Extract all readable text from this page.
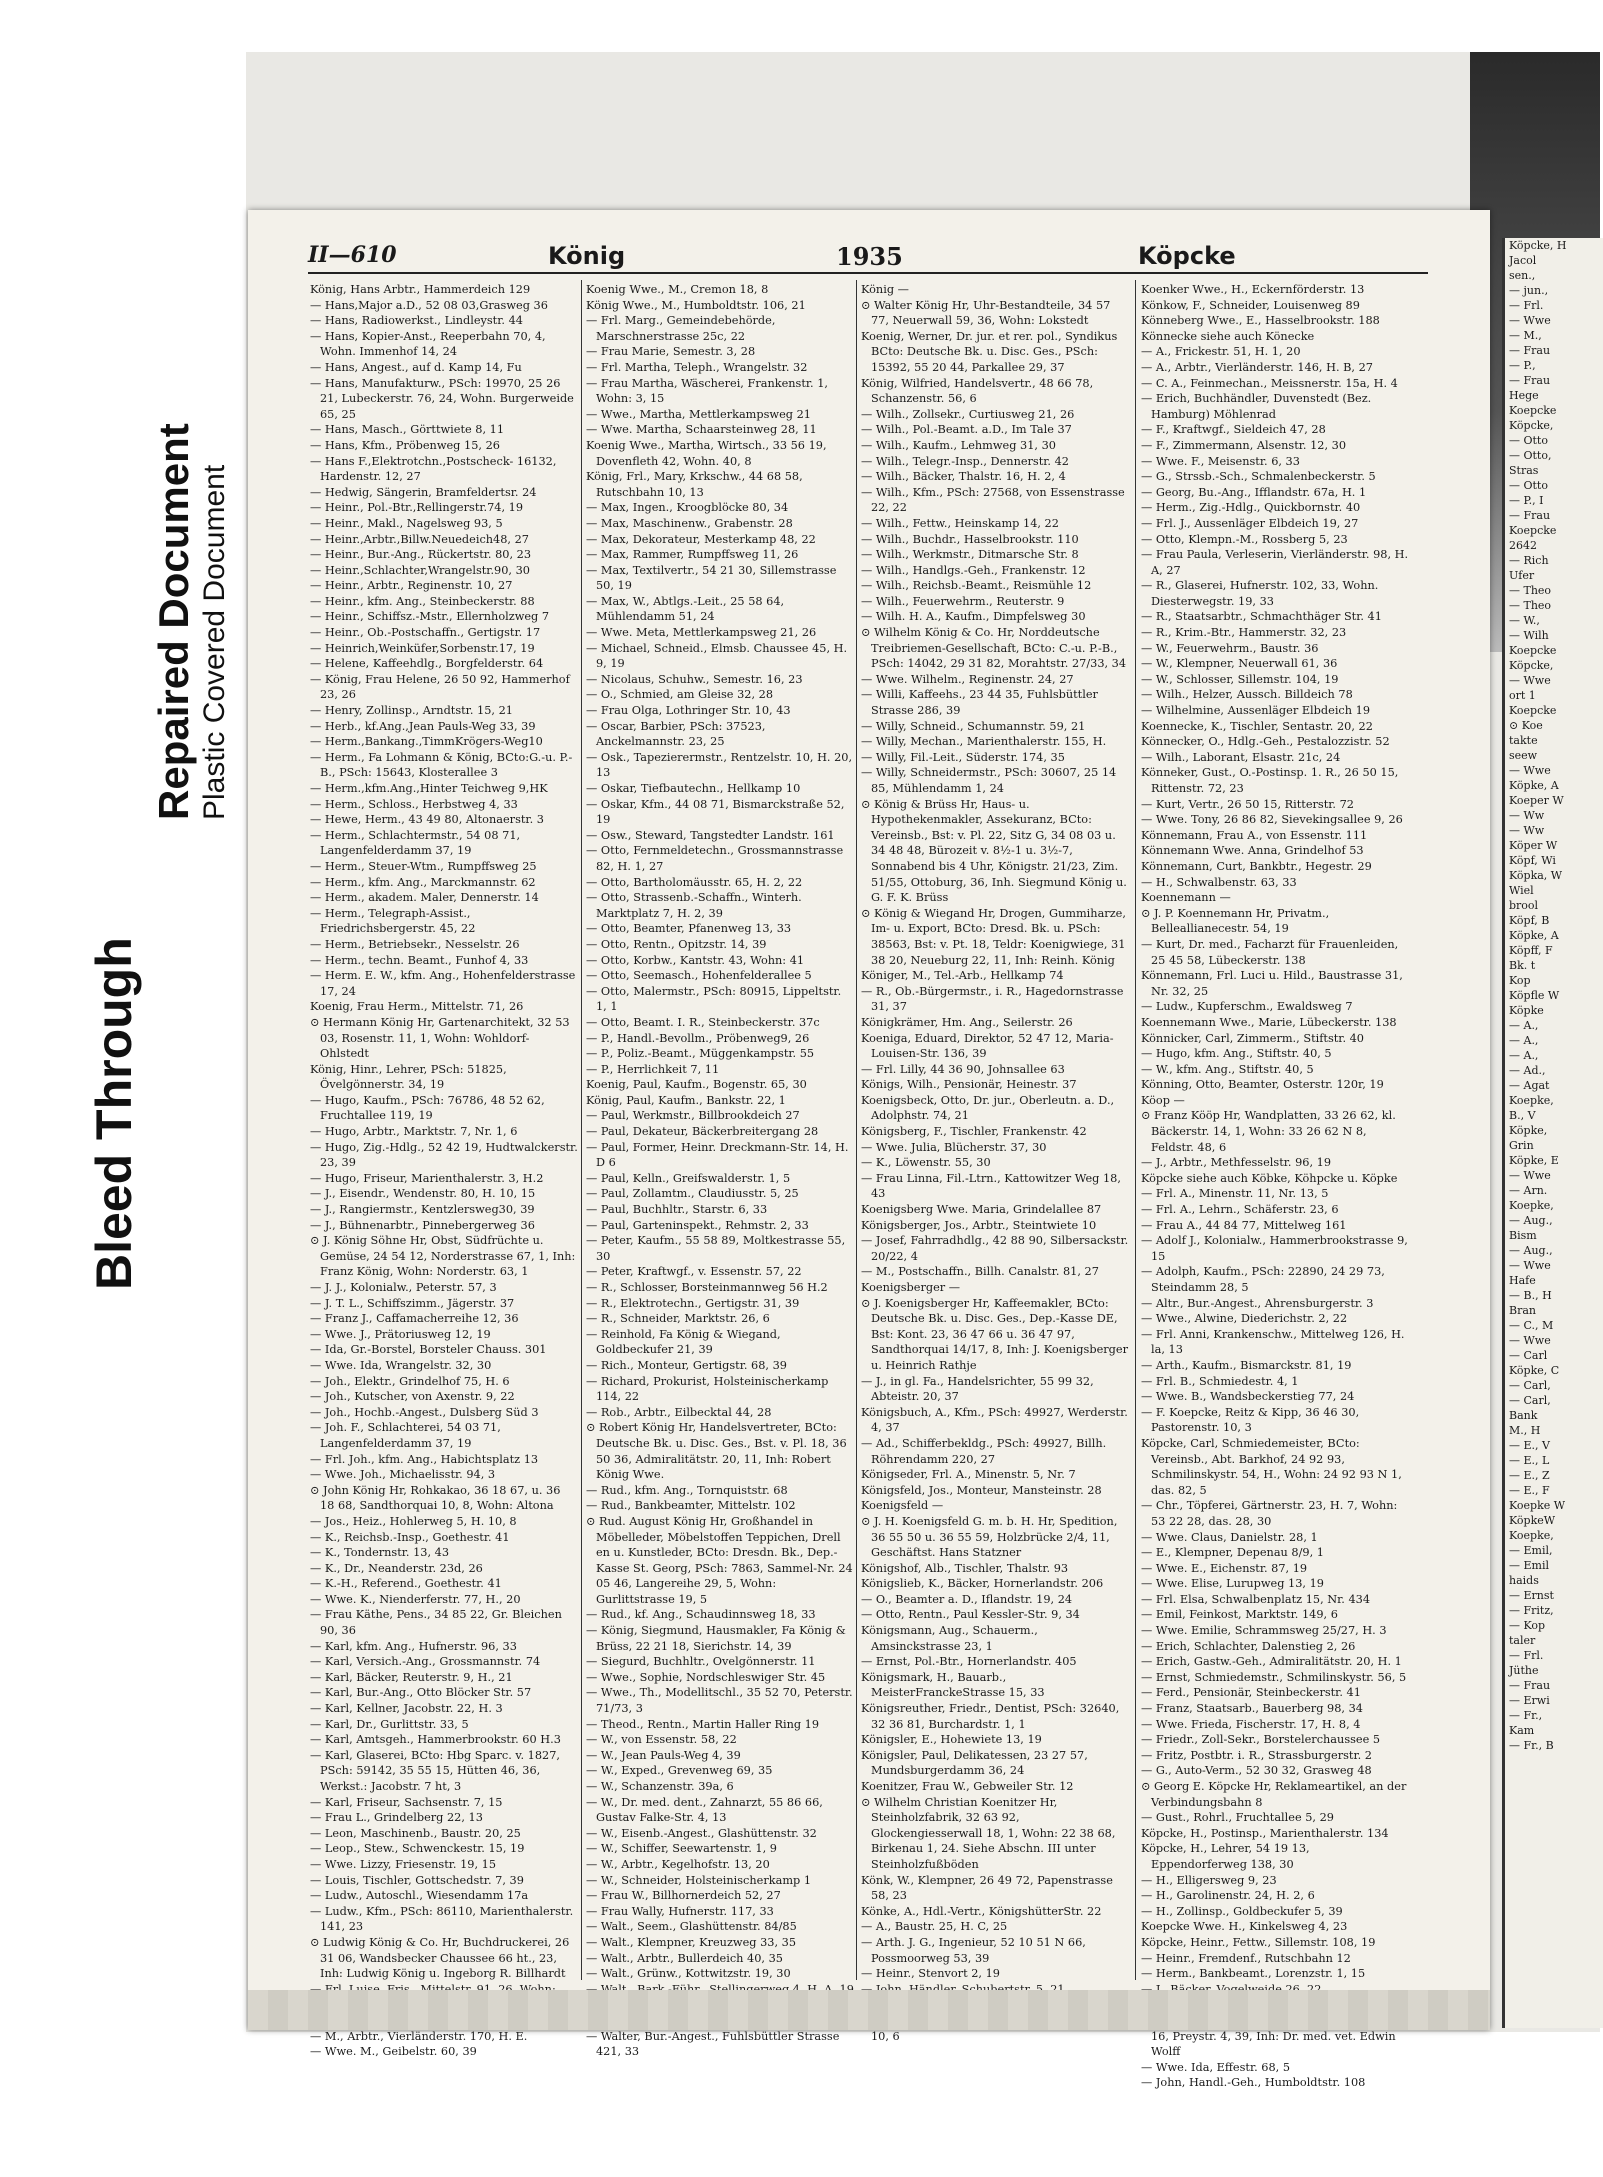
Bleed Through
Repaired Document Plastic Covered Document
II—610	König	1935	Köpcke

König, Hans Arbtr., Hammerdeich 129

— Hans,Major a.D., 52 08 03,Grasweg 36

— Hans, Radiowerkst., Lindleystr. 44

— Hans, Kopier-Anst., Reeperbahn 70, 4, Wohn. Immenhof 14, 24

— Hans, Angest., auf d. Kamp 14, Fu

— Hans, Manufakturw., PSch: 19970, 25 26 21, Lubeckerstr. 76, 24, Wohn. Burgerweide 65, 25

— Hans, Masch., Görttwiete 8, 11

— Hans, Kfm., Pröbenweg 15, 26

— Hans F.,Elektrotchn.,Postscheck- 16132, Hardenstr. 12, 27

— Hedwig, Sängerin, Bramfeldertsr. 24

— Heinr., Pol.-Btr.,Rellingerstr.74, 19

— Heinr., Makl., Nagelsweg 93, 5

— Heinr.,Arbtr.,Billw.Neuedeich48, 27

— Heinr., Bur.-Ang., Rückertstr. 80, 23

— Heinr.,Schlachter,Wrangelstr.90, 30

— Heinr., Arbtr., Reginenstr. 10, 27

— Heinr., kfm. Ang., Steinbeckerstr. 88

— Heinr., Schiffsz.-Mstr., Ellernholzweg 7

— Heinr., Ob.-Postschaffn., Gertigstr. 17

— Heinrich,Weinküfer,Sorbenstr.17, 19

— Helene, Kaffeehdlg., Borgfelderstr. 64

— König, Frau Helene, 26 50 92, Hammerhof 23, 26

— Henry, Zollinsp., Arndtstr. 15, 21

— Herb., kf.Ang.,Jean Pauls-Weg 33, 39

— Herm.,Bankang.,TimmKrögers-Weg10

— Herm., Fa Lohmann & König, BCto:G.-u. P.-B., PSch: 15643, Klosterallee 3

— Herm.,kfm.Ang.,Hinter Teichweg 9,HK

— Herm., Schloss., Herbstweg 4, 33

— Hewe, Herm., 43 49 80, Altonaerstr. 3

— Herm., Schlachtermstr., 54 08 71, Langenfelderdamm 37, 19

— Herm., Steuer-Wtm., Rumpffsweg 25

— Herm., kfm. Ang., Marckmannstr. 62

— Herm., akadem. Maler, Dennerstr. 14

— Herm., Telegraph-Assist., Friedrichsbergerstr. 45, 22

— Herm., Betriebsekr., Nesselstr. 26

— Herm., techn. Beamt., Funhof 4, 33

— Herm. E. W., kfm. Ang., Hohenfelderstrasse 17, 24

Koenig, Frau Herm., Mittelstr. 71, 26

⊙ Hermann König Hr, Gartenarchitekt, 32 53 03, Rosenstr. 11, 1, Wohn: Wohldorf-Ohlstedt

König, Hinr., Lehrer, PSch: 51825, Övelgönnerstr. 34, 19

— Hugo, Kaufm., PSch: 76786, 48 52 62, Fruchtallee 119, 19

— Hugo, Arbtr., Marktstr. 7, Nr. 1, 6

— Hugo, Zig.-Hdlg., 52 42 19, Hudtwalckerstr. 23, 39

— Hugo, Friseur, Marienthalerstr. 3, H.2

— J., Eisendr., Wendenstr. 80, H. 10, 15

— J., Rangiermstr., Kentzlersweg30, 39

— J., Bühnenarbtr., Pinnebergerweg 36

⊙ J. König Söhne Hr, Obst, Südfrüchte u. Gemüse, 24 54 12, Norderstrasse 67, 1, Inh: Franz König, Wohn: Norderstr. 63, 1

— J. J., Kolonialw., Peterstr. 57, 3

— J. T. L., Schiffszimm., Jägerstr. 37

— Franz J., Caffamacherreihe 12, 36

— Wwe. J., Prätoriusweg 12, 19

— Ida, Gr.-Borstel, Borsteler Chauss. 301

— Wwe. Ida, Wrangelstr. 32, 30

— Joh., Elektr., Grindelhof 75, H. 6

— Joh., Kutscher, von Axenstr. 9, 22

— Joh., Hochb.-Angest., Dulsberg Süd 3

— Joh. F., Schlachterei, 54 03 71, Langenfelderdamm 37, 19

— Frl. Joh., kfm. Ang., Habichtsplatz 13

— Wwe. Joh., Michaelisstr. 94, 3

⊙ John König Hr, Rohkakao, 36 18 67, u. 36 18 68, Sandthorquai 10, 8, Wohn: Altona

— Jos., Heiz., Hohlerweg 5, H. 10, 8

— K., Reichsb.-Insp., Goethestr. 41

— K., Tondernstr. 13, 43

— K., Dr., Neanderstr. 23d, 26

— K.-H., Referend., Goethestr. 41

— Wwe. K., Nienderferstr. 77, H., 20

— Frau Käthe, Pens., 34 85 22, Gr. Bleichen 90, 36

— Karl, kfm. Ang., Hufnerstr. 96, 33

— Karl, Versich.-Ang., Grossmannstr. 74

— Karl, Bäcker, Reuterstr. 9, H., 21

— Karl, Bur.-Ang., Otto Blöcker Str. 57

— Karl, Kellner, Jacobstr. 22, H. 3

— Karl, Dr., Gurlittstr. 33, 5

— Karl, Amtsgeh., Hammerbrookstr. 60 H.3

— Karl, Glaserei, BCto: Hbg Sparc. v. 1827, PSch: 59142, 35 55 15, Hütten 46, 36, Werkst.: Jacobstr. 7 ht, 3

— Karl, Friseur, Sachsenstr. 7, 15

— Frau L., Grindelberg 22, 13

— Leon, Maschinenb., Baustr. 20, 25

— Leop., Stew., Schwenckestr. 15, 19

— Wwe. Lizzy, Friesenstr. 19, 15

— Louis, Tischler, Gottschedstr. 7, 39

— Ludw., Autoschl., Wiesendamm 17a

— Ludw., Kfm., PSch: 86110, Marienthalerstr. 141, 23

⊙ Ludwig König & Co. Hr, Buchdruckerei, 26 31 06, Wandsbecker Chaussee 66 ht., 23, Inh: Ludwig König u. Ingeborg R. Billhardt

— M., Arbtr., Vierländerstr. 170, H. E.

— Wwe. M., Geibelstr. 60, 39

Koenig Wwe., M., Cremon 18, 8

König Wwe., M., Humboldtstr. 106, 21

— Frl. Marg., Gemeindebehörde, Marschnerstrasse 25c, 22

— Frau Marie, Semestr. 3, 28

— Frl. Martha, Teleph., Wrangelstr. 32

— Frau Martha, Wäscherei, Frankenstr. 1, Wohn: 3, 15

— Wwe., Martha, Mettlerkampsweg 21

— Wwe. Martha, Schaarsteinweg 28, 11

Koenig Wwe., Martha, Wirtsch., 33 56 19, Dovenfleth 42, Wohn. 40, 8

König, Frl., Mary, Krkschw., 44 68 58, Rutschbahn 10, 13

— Max, Ingen., Kroogblöcke 80, 34

— Max, Maschinenw., Grabenstr. 28

— Max, Dekorateur, Mesterkamp 48, 22

— Max, Rammer, Rumpffsweg 11, 26

— Max, Textilvertr., 54 21 30, Sillemstrasse 50, 19

— Max, W., Abtlgs.-Leit., 25 58 64, Mühlendamm 51, 24

— Wwe. Meta, Mettlerkampsweg 21, 26

— Michael, Schneid., Elmsb. Chaussee 45, H. 9, 19

— Nicolaus, Schuhw., Semestr. 16, 23

— O., Schmied, am Gleise 32, 28

— Frau Olga, Lothringer Str. 10, 43

— Oscar, Barbier, PSch: 37523, Anckelmannstr. 23, 25

— Osk., Tapezierermstr., Rentzelstr. 10, H. 20, 13

— Oskar, Tiefbautechn., Hellkamp 10

— Oskar, Kfm., 44 08 71, Bismarckstraße 52, 19

— Osw., Steward, Tangstedter Landstr. 161

— Otto, Fernmeldetechn., Grossmannstrasse 82, H. 1, 27

— Otto, Bartholomäusstr. 65, H. 2, 22

— Otto, Strassenb.-Schaffn., Winterh. Marktplatz 7, H. 2, 39

— Otto, Beamter, Pfanenweg 13, 33

— Otto, Rentn., Opitzstr. 14, 39

— Otto, Korbw., Kantstr. 43, Wohn: 41

— Otto, Seemasch., Hohenfelderallee 5

— Otto, Malermstr., PSch: 80915, Lippeltstr. 1, 1

— Otto, Beamt. I. R., Steinbeckerstr. 37c

— P., Handl.-Bevollm., Pröbenweg9, 26

— P., Poliz.-Beamt., Müggenkampstr. 55

— P., Herrlichkeit 7, 11

Koenig, Paul, Kaufm., Bogenstr. 65, 30

König, Paul, Kaufm., Bankstr. 22, 1

— Paul, Werkmstr., Billbrookdeich 27

— Paul, Dekateur, Bäckerbreitergang 28

— Paul, Former, Heinr. Dreckmann-Str. 14, H. D 6

— Paul, Kelln., Greifswalderstr. 1, 5

— Paul, Zollamtm., Claudiusstr. 5, 25

— Paul, Buchhltr., Starstr. 6, 33

— Paul, Garteninspekt., Rehmstr. 2, 33

— Peter, Kaufm., 55 58 89, Moltkestrasse 55, 30

— Peter, Kraftwgf., v. Essenstr. 57, 22

— R., Schlosser, Borsteinmannweg 56 H.2

— R., Elektrotechn., Gertigstr. 31, 39

— R., Schneider, Marktstr. 26, 6

— Reinhold, Fa König & Wiegand, Goldbeckufer 21, 39

— Rich., Monteur, Gertigstr. 68, 39

— Richard, Prokurist, Holsteinischerkamp 114, 22

— Rob., Arbtr., Eilbecktal 44, 28

⊙ Robert König Hr, Handelsvertreter, BCto: Deutsche Bk. u. Disc. Ges., Bst. v. Pl. 18, 36 50 36, Admiralitätstr. 20, 11, Inh: Robert König Wwe.

— Rud., kfm. Ang., Tornquiststr. 68

— Rud., Bankbeamter, Mittelstr. 102

⊙ Rud. August König Hr, Großhandel in Möbelleder, Möbelstoffen Teppichen, Drell en u. Kunstleder, BCto: Dresdn. Bk., Dep.-Kasse St. Georg, PSch: 7863, Sammel-Nr. 24 05 46, Langereihe 29, 5, Wohn: Gurlittstrasse 19, 5

— Rud., kf. Ang., Schaudinnsweg 18, 33

— König, Siegmund, Hausmakler, Fa König & Brüss, 22 21 18, Sierichstr. 14, 39

— Siegurd, Buchhltr., Ovelgönnerstr. 11

— Wwe., Sophie, Nordschleswiger Str. 45

— Wwe., Th., Modellitschl., 35 52 70, Peterstr. 71/73, 3

— Theod., Rentn., Martin Haller Ring 19

— W., von Essenstr. 58, 22

— W., Jean Pauls-Weg 4, 39

— W., Exped., Grevenweg 69, 35

— W., Schanzenstr. 39a, 6

— W., Dr. med. dent., Zahnarzt, 55 86 66, Gustav Falke-Str. 4, 13

— W., Eisenb.-Angest., Glashüttenstr. 32

— W., Schiffer, Seewartenstr. 1, 9

— W., Arbtr., Kegelhofstr. 13, 20

— W., Schneider, Holsteinischerkamp 1

— Frau W., Billhornerdeich 52, 27

— Frau Wally, Hufnerstr. 117, 33

— Walt., Seem., Glashüttenstr. 84/85

— Walt., Klempner, Kreuzweg 33, 35

— Walt., Arbtr., Bullerdeich 40, 35

— Walt., Grünw., Kottwitzstr. 19, 30

— Walter, Bur.-Angest., Fuhlsbüttler Strasse 421, 33

König —

⊙ Walter König Hr, Uhr-Bestandteile, 34 57 77, Neuerwall 59, 36, Wohn: Lokstedt

Koenig, Werner, Dr. jur. et rer. pol., Syndikus BCto: Deutsche Bk. u. Disc. Ges., PSch: 15392, 55 20 44, Parkallee 29, 37

König, Wilfried, Handelsvertr., 48 66 78, Schanzenstr. 56, 6

— Wilh., Zollsekr., Curtiusweg 21, 26

— Wilh., Pol.-Beamt. a.D., Im Tale 37

— Wilh., Kaufm., Lehmweg 31, 30

— Wilh., Telegr.-Insp., Dennerstr. 42

— Wilh., Bäcker, Thalstr. 16, H. 2, 4

— Wilh., Kfm., PSch: 27568, von Essenstrasse 22, 22

— Wilh., Fettw., Heinskamp 14, 22

— Wilh., Buchdr., Hasselbrookstr. 110

— Wilh., Werkmstr., Ditmarsche Str. 8

— Wilh., Handlgs.-Geh., Frankenstr. 12

— Wilh., Reichsb.-Beamt., Reismühle 12

— Wilh., Feuerwehrm., Reuterstr. 9

— Wilh. H. A., Kaufm., Dimpfelsweg 30

⊙ Wilhelm König & Co. Hr, Norddeutsche Treibriemen-Gesellschaft, BCto: C.-u. P.-B., PSch: 14042, 29 31 82, Morahtstr. 27/33, 34

— Wwe. Wilhelm., Reginenstr. 24, 27

— Willi, Kaffeehs., 23 44 35, Fuhlsbüttler Strasse 286, 39

— Willy, Schneid., Schumannstr. 59, 21

— Willy, Mechan., Marienthalerstr. 155, H.

— Willy, Fil.-Leit., Süderstr. 174, 35

— Willy, Schneidermstr., PSch: 30607, 25 14 85, Mühlendamm 1, 24

⊙ König & Brüss Hr, Haus- u. Hypothekenmakler, Assekuranz, BCto: Vereinsb., Bst: v. Pl. 22, Sitz G, 34 08 03 u. 34 48 48, Bürozeit v. 8½-1 u. 3½-7, Sonnabend bis 4 Uhr, Königstr. 21/23, Zim. 51/55, Ottoburg, 36, Inh. Siegmund König u. G. F. K. Brüss

⊙ König & Wiegand Hr, Drogen, Gummiharze, Im- u. Export, BCto: Dresd. Bk. u. PSch: 38563, Bst: v. Pt. 18, Teldr: Koenigwiege, 31 38 20, Neueburg 22, 11, Inh: Reinh. König

Königer, M., Tel.-Arb., Hellkamp 74

— R., Ob.-Bürgermstr., i. R., Hagedornstrasse 31, 37

Königkrämer, Hm. Ang., Seilerstr. 26

Koeniga, Eduard, Direktor, 52 47 12, Maria-Louisen-Str. 136, 39

— Frl. Lilly, 44 36 90, Johnsallee 63

Königs, Wilh., Pensionär, Heinestr. 37

Koenigsbeck, Otto, Dr. jur., Oberleutn. a. D., Adolphstr. 74, 21

Königsberg, F., Tischler, Frankenstr. 42

— Wwe. Julia, Blücherstr. 37, 30

— K., Löwenstr. 55, 30

— Frau Linna, Fil.-Ltrn., Kattowitzer Weg 18, 43

Koenigsberg Wwe. Maria, Grindelallee 87

Königsberger, Jos., Arbtr., Steintwiete 10

— Josef, Fahrradhdlg., 42 88 90, Silbersackstr. 20/22, 4

— M., Postschaffn., Billh. Canalstr. 81, 27

Koenigsberger —

⊙ J. Koenigsberger Hr, Kaffeemakler, BCto: Deutsche Bk. u. Disc. Ges., Dep.-Kasse DE, Bst: Kont. 23, 36 47 66 u. 36 47 97, Sandthorquai 14/17, 8, Inh: J. Koenigsberger u. Heinrich Rathje

— J., in gl. Fa., Handelsrichter, 55 99 32, Abteistr. 20, 37

Königsbuch, A., Kfm., PSch: 49927, Werderstr. 4, 37

— Ad., Schifferbekldg., PSch: 49927, Billh. Röhrendamm 220, 27

Königseder, Frl. A., Minenstr. 5, Nr. 7

Königsfeld, Jos., Monteur, Mansteinstr. 28

Koenigsfeld —

⊙ J. H. Koenigsfeld G. m. b. H. Hr, Spedition, 36 55 50 u. 36 55 59, Holzbrücke 2/4, 11, Geschäftst. Hans Statzner

Königshof, Alb., Tischler, Thalstr. 93

Königslieb, K., Bäcker, Hornerlandstr. 206

— O., Beamter a. D., Iflandstr. 19, 24

— Otto, Rentn., Paul Kessler-Str. 9, 34

Königsmann, Aug., Schauerm., Amsinckstrasse 23, 1

— Ernst, Pol.-Btr., Hornerlandstr. 405

Königsmark, H., Bauarb., MeisterFranckeStrasse 15, 33

Königsreuther, Friedr., Dentist, PSch: 32640, 32 36 81, Burchardstr. 1, 1

Königsler, E., Hohewiete 13, 19

Königsler, Paul, Delikatessen, 23 27 57, Mundsburgerdamm 36, 24

Koenitzer, Frau W., Gebweiler Str. 12

⊙ Wilhelm Christian Koenitzer Hr, Steinholzfabrik, 32 63 92, Glockengiesserwall 18, 1, Wohn: 22 38 68, Birkenau 1, 24. Siehe Abschn. III unter Steinholzfußböden

Könk, W., Klempner, 26 49 72, Papenstrasse 58, 23

Könke, A., Hdl.-Vertr., KönigshütterStr. 22

— A., Baustr. 25, H. C, 25

— Arth. J. G., Ingenieur, 52 10 51 N 66, Possmoorweg 53, 39

— Heinr., Stenvort 2, 19

10, 6

Koenker Wwe., H., Eckernförderstr. 13

Könkow, F., Schneider, Louisenweg 89

Könneberg Wwe., E., Hasselbrookstr. 188

Könnecke siehe auch Könecke

— A., Frickestr. 51, H. 1, 20

— A., Arbtr., Vierländerstr. 146, H. B, 27

— C. A., Feinmechan., Meissnerstr. 15a, H. 4

— Erich, Buchhändler, Duvenstedt (Bez. Hamburg) Möhlenrad

— F., Kraftwgf., Sieldeich 47, 28

— F., Zimmermann, Alsenstr. 12, 30

— Wwe. F., Meisenstr. 6, 33

— G., Strssb.-Sch., Schmalenbeckerstr. 5

— Georg, Bu.-Ang., Ifflandstr. 67a, H. 1

— Herm., Zig.-Hdlg., Quickbornstr. 40

— Frl. J., Aussenläger Elbdeich 19, 27

— Otto, Klempn.-M., Rossberg 5, 23

— Frau Paula, Verleserin, Vierländerstr. 98, H. A, 27

— R., Glaserei, Hufnerstr. 102, 33, Wohn. Diesterwegstr. 19, 33

— R., Staatsarbtr., Schmachthäger Str. 41

— R., Krim.-Btr., Hammerstr. 32, 23

— W., Feuerwehrm., Baustr. 36

— W., Klempner, Neuerwall 61, 36

— W., Schlosser, Sillemstr. 104, 19

— Wilh., Helzer, Aussch. Billdeich 78

— Wilhelmine, Aussenläger Elbdeich 19

Koennecke, K., Tischler, Sentastr. 20, 22

Könnecker, O., Hdlg.-Geh., Pestalozzistr. 52

— Wilh., Laborant, Elsastr. 21c, 24

Könneker, Gust., O.-Postinsp. 1. R., 26 50 15, Rittenstr. 72, 23

— Kurt, Vertr., 26 50 15, Ritterstr. 72

— Wwe. Tony, 26 86 82, Sievekingsallee 9, 26

Könnemann, Frau A., von Essenstr. 111

Könnemann Wwe. Anna, Grindelhof 53

Könnemann, Curt, Bankbtr., Hegestr. 29

— H., Schwalbenstr. 63, 33

Koennemann —

⊙ J. P. Koennemann Hr, Privatm., Belleallianecestr. 54, 19

— Kurt, Dr. med., Facharzt für Frauenleiden, 25 45 58, Lübeckerstr. 138

Könnemann, Frl. Luci u. Hild., Baustrasse 31, Nr. 32, 25

— Ludw., Kupferschm., Ewaldsweg 7

Koennemann Wwe., Marie, Lübeckerstr. 138

Könnicker, Carl, Zimmerm., Stiftstr. 40

— Hugo, kfm. Ang., Stiftstr. 40, 5

— W., kfm. Ang., Stiftstr. 40, 5

Könning, Otto, Beamter, Osterstr. 120r, 19

Köop —

⊙ Franz Kööp Hr, Wandplatten, 33 26 62, kl. Bäckerstr. 14, 1, Wohn: 33 26 62 N 8, Feldstr. 48, 6

— J., Arbtr., Methfesselstr. 96, 19

Köpcke siehe auch Köbke, Köhpcke u. Köpke

— Frl. A., Minenstr. 11, Nr. 13, 5

— Frl. A., Lehrn., Schäferstr. 23, 6

— Frau A., 44 84 77, Mittelweg 161

— Adolf J., Kolonialw., Hammerbrookstrasse 9, 15

— Adolph, Kaufm., PSch: 22890, 24 29 73, Steindamm 28, 5

— Altr., Bur.-Angest., Ahrensburgerstr. 3

— Wwe., Alwine, Diederichstr. 2, 22

— Frl. Anni, Krankenschw., Mittelweg 126, H. la, 13

— Arth., Kaufm., Bismarckstr. 81, 19

— Frl. B., Schmiedestr. 4, 1

— Wwe. B., Wandsbeckerstieg 77, 24

— F. Koepcke, Reitz & Kipp, 36 46 30, Pastorenstr. 10, 3

Köpcke, Carl, Schmiedemeister, BCto: Vereinsb., Abt. Barkhof, 24 92 93, Schmilinskystr. 54, H., Wohn: 24 92 93 N 1, das. 82, 5

— Chr., Töpferei, Gärtnerstr. 23, H. 7, Wohn: 53 22 28, das. 28, 30

— Wwe. Claus, Danielstr. 28, 1

— E., Klempner, Depenau 8/9, 1

— Wwe. E., Eichenstr. 87, 19

— Wwe. Elise, Lurupweg 13, 19

— Frl. Elsa, Schwalbenplatz 15, Nr. 434

— Emil, Feinkost, Marktstr. 149, 6

— Wwe. Emilie, Schrammsweg 25/27, H. 3

— Erich, Schlachter, Dalenstieg 2, 26

— Erich, Gastw.-Geh., Admiralitätstr. 20, H. 1

— Ernst, Schmiedemstr., Schmilinskystr. 56, 5

— Ferd., Pensionär, Steinbeckerstr. 41

— Franz, Staatsarb., Bauerberg 98, 34

— Wwe. Frieda, Fischerstr. 17, H. 8, 4

— Friedr., Zoll-Sekr., Borstelerchaussee 5

— Fritz, Postbtr. i. R., Strassburgerstr. 2

— G., Auto-Verm., 52 30 32, Grasweg 48

⊙ Georg E. Köpcke Hr, Reklameartikel, an der Verbindungsbahn 8

— Gust., Rohrl., Fruchtallee 5, 29

Köpcke, H., Postinsp., Marienthalerstr. 134

Köpcke, H., Lehrer, 54 19 13, Eppendorferweg 138, 30

— H., Elligersweg 9, 23

— H., Garolinenstr. 24, H. 2, 6

— H., Zollinsp., Goldbeckufer 5, 39

Koepcke Wwe. H., Kinkelsweg 4, 23

Köpcke, Heinr., Fettw., Sillemstr. 108, 19

— Heinr., Fremdenf., Rutschbahn 12

— Herm., Bankbeamt., Lorenzstr. 1, 15

16, Preystr. 4, 39, Inh: Dr. med. vet. Edwin Wolff

— Wwe. Ida, Effestr. 68, 5

— John, Handl.-Geh., Humboldtstr. 108

Köpcke, H
Jacol
sen.,
— jun.,
— Frl.
— Wwe
— M.,
— Frau
— P.,
— Frau
Hege
Koepcke
Köpcke,
— Otto
— Otto,
Stras
— Otto
— P., I
— Frau
Koepcke
2642
— Rich
Ufer
— Theo
— Theo
— W.,
— Wilh
Koepcke
Köpcke,
— Wwe
ort 1
Koepcke
⊙ Koe
takte
seew
— Wwe
Köpke, A
Koeper W
— Ww
— Ww
Köper W
Köpf, Wi
Köpka, W
Wiel
brool
Köpf, B
Köpke, A
Köpff, F
Bk. t
Kop
Köpfle W
Köpke
— A.,
— A.,
— A.,
— Ad.,
— Agat
Koepke,
B., V
Köpke,
Grin
Köpke, E
— Wwe
— Arn.
Koepke,
— Aug.,
Bism
— Aug.,
— Wwe
Hafe
— B., H
Bran
— C., M
— Wwe
— Carl
Köpke, C
— Carl,
— Carl,
Bank
M., H
— E., V
— E., L
— E., Z
— E., F
Koepke W
KöpkeW
Koepke,
— Emil,
— Emil
haids
— Ernst
— Fritz,
— Kop
taler
— Frl.
Jüthe
— Frau
— Erwi
— Fr.,
Kam
— Fr., B
